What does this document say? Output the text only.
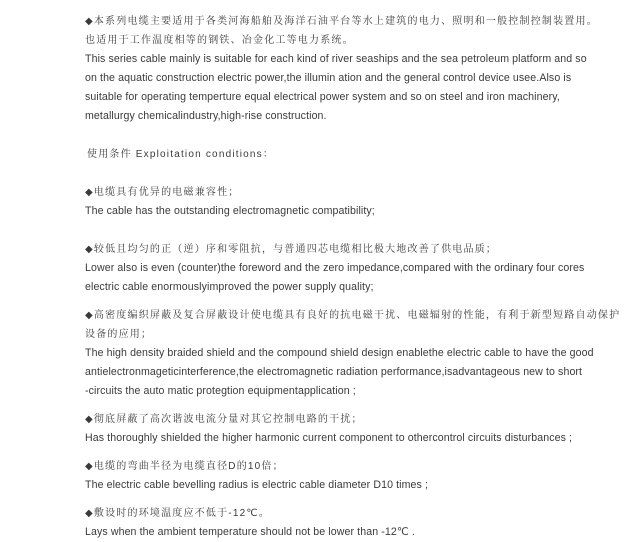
◆本系列电缆主要适用于各类河海船舶及海洋石油平台等水上建筑的电力、照明和一般控制控制装置用。
也适用于工作温度相等的钢铁、冶金化工等电力系统。
This series cable mainly is suitable for each kind of river seaships and the sea petroleum platform and so
on the aquatic construction electric power,the illumin ation and the general control device usee.Also is
suitable for operating temperture equal electrical power system and so on steel and iron machinery,
metallurgy chemicalindustry,high-rise construction.
使用条件 Exploitation conditions：
◆电缆具有优异的电磁兼容性；
The cable has the outstanding electromagnetic compatibility;
◆较低且均匀的正（逆）序和零阻抗，与普通四芯电缆相比极大地改善了供电品质；
Lower also is even (counter)the foreword and the zero impedance,compared with the ordinary four cores
electric cable enormouslyimproved the power supply quality;
◆高密度编织屏蔽及复合屏蔽设计使电缆具有良好的抗电磁干扰、电磁辐射的性能，有利于新型短路自动保护
设备的应用；
The high density braided shield and the compound shield design enablethe electric cable to have the good
antielectronmageticinterference,the electromagnetic radiation performance,isadvantageous new to short
-circuits the auto matic protegtion equipmentapplication ;
◆彻底屏蔽了高次谐波电流分量对其它控制电路的干扰；
Has thoroughly shielded the higher harmonic current component to othercontrol circuits disturbances ;
◆电缆的弯曲半径为电缆直径D的10倍；
The electric cable bevelling radius is electric cable diameter D10 times ;
◆敷设时的环境温度应不低于-12℃。
Lays when the ambient temperature should not be lower than -12℃ .
